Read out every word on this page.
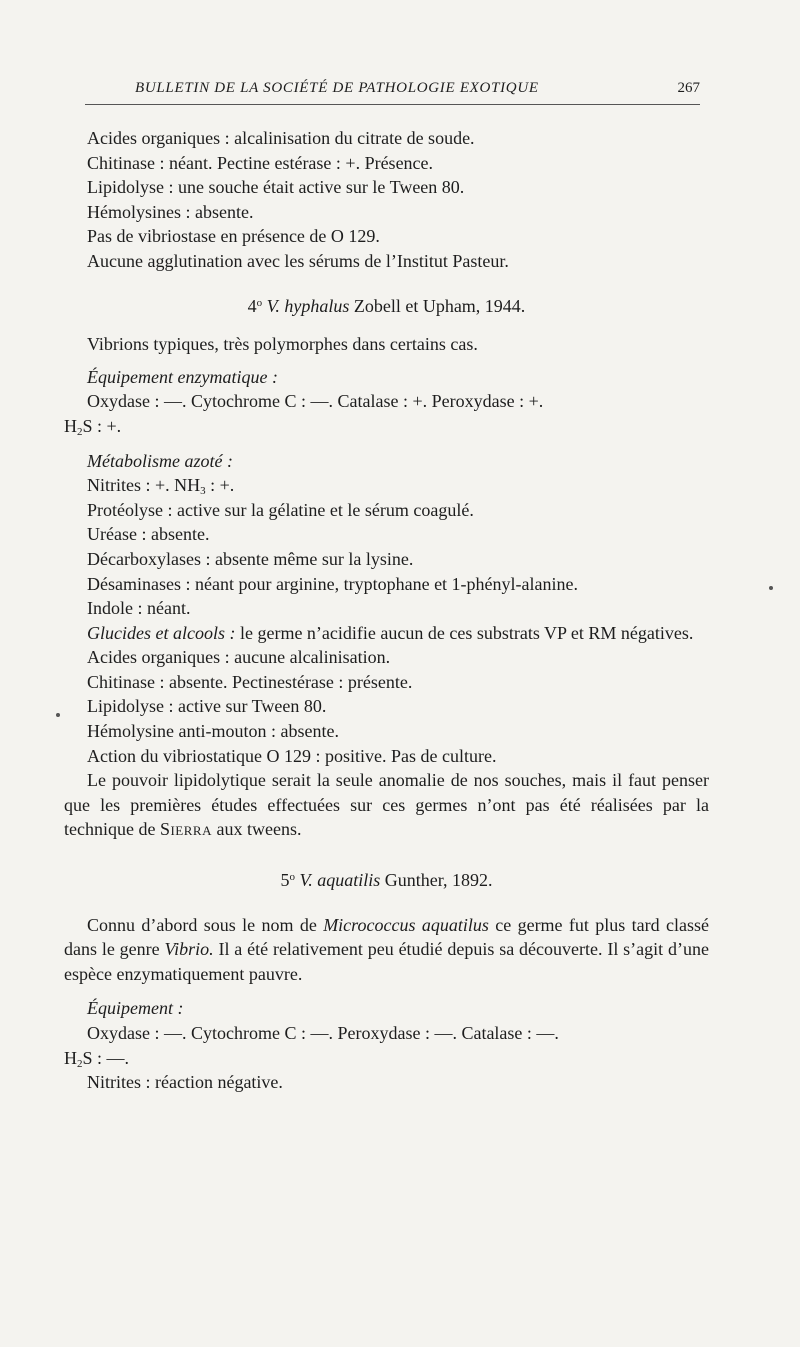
BULLETIN DE LA SOCIÉTÉ DE PATHOLOGIE EXOTIQUE	267

Acides organiques : alcalinisation du citrate de soude.

Chitinase : néant. Pectine estérase : +. Présence.

Lipidolyse : une souche était active sur le Tween 80.

Hémolysines : absente.

Pas de vibriostase en présence de O 129.

Aucune agglutination avec les sérums de l’Institut Pasteur.

4$^o$ V. hyphalus Zobell et Upham, 1944.

Vibrions typiques, très polymorphes dans certains cas.

Équipement enzymatique :

Oxydase : —. Cytochrome C : —. Catalase : +. Peroxydase : +.

$H_2S$ : +.

Métabolisme azoté :

Nitrites : +. $NH_3$ : +.

Protéolyse : active sur la gélatine et le sérum coagulé.

Uréase : absente.

Décarboxylases : absente même sur la lysine.

Désaminases : néant pour arginine, tryptophane et 1-phényl-alanine.

Indole : néant.

Glucides et alcools : le germe n’acidifie aucun de ces substrats VP et RM négatives.

Acides organiques : aucune alcalinisation.

Chitinase : absente. Pectinestérase : présente.

Lipidolyse : active sur Tween 80.

Hémolysine anti-mouton : absente.

Action du vibriostatique O 129 : positive. Pas de culture.

Le pouvoir lipidolytique serait la seule anomalie de nos souches, mais il faut penser que les premières études effectuées sur ces germes n’ont pas été réalisées par la technique de Sierra aux tweens.

5$^o$ V. aquatilis Gunther, 1892.

Connu d’abord sous le nom de Micrococcus aquatilus ce germe fut plus tard classé dans le genre Vibrio. Il a été relativement peu étudié depuis sa découverte. Il s’agit d’une espèce enzymatiquement pauvre.

Équipement :

Oxydase : —. Cytochrome C : —. Peroxydase : —. Catalase : —.

$H_2S$ : —.

Nitrites : réaction négative.
